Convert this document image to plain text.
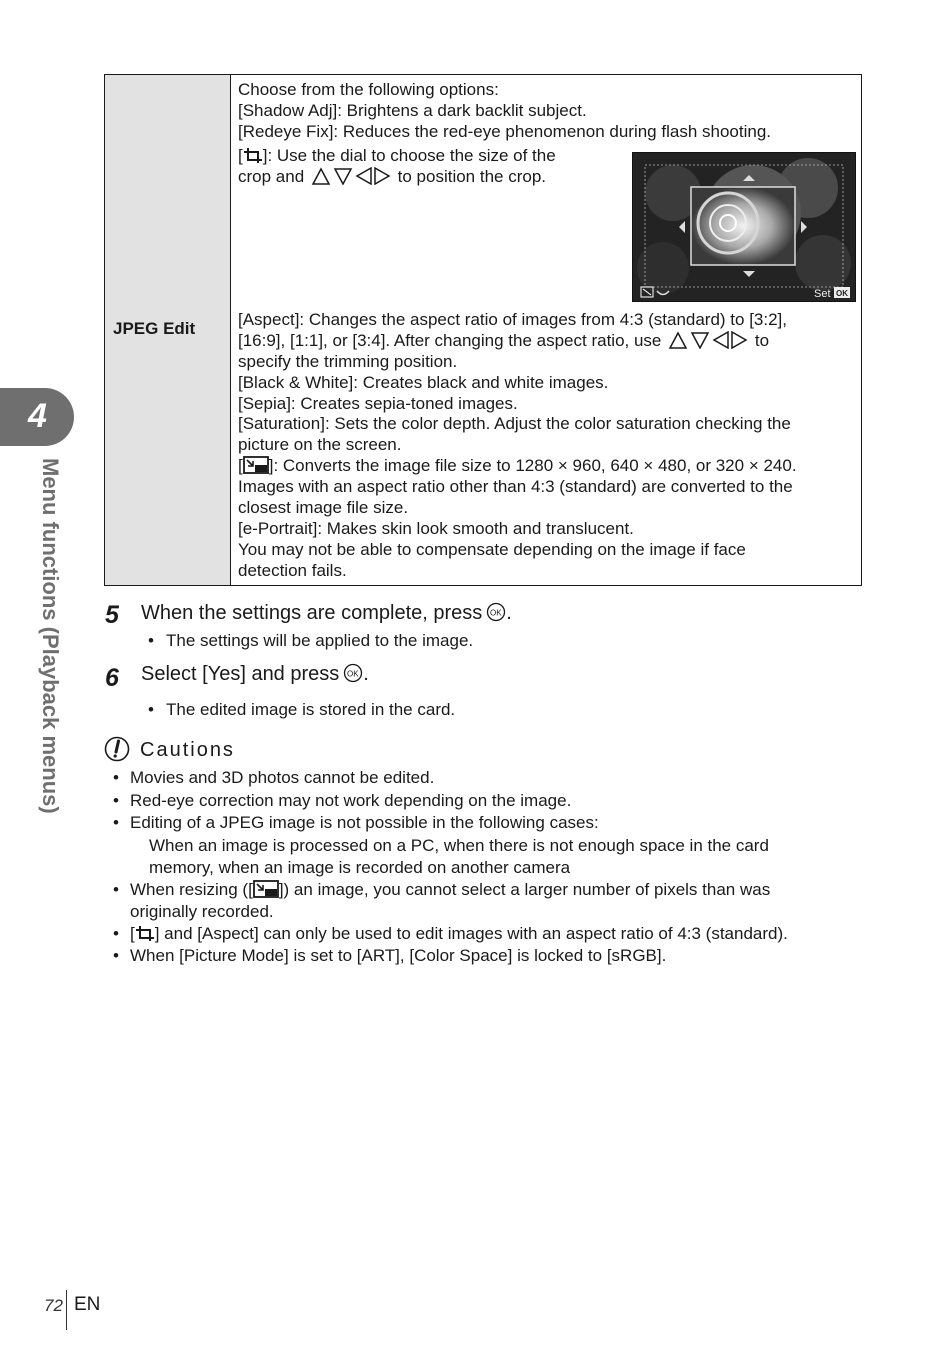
4
Menu functions (Playback menus)
JPEG Edit
Choose from the following options:
[Shadow Adj]: Brightens a dark backlit subject.
[Redeye Fix]: Reduces the red-eye phenomenon during flash shooting.
[ ]: Use the dial to choose the size of the
crop and	to position the crop.
Set OK
[Aspect]: Changes the aspect ratio of images from 4:3 (standard) to [3:2],
[16:9], [1:1], or [3:4]. After changing the aspect ratio, use	to
specify the trimming position.
[Black & White]: Creates black and white images.
[Sepia]: Creates sepia-toned images.
[Saturation]: Sets the color depth. Adjust the color saturation checking the
picture on the screen.
[ ]: Converts the image file size to 1280 × 960, 640 × 480, or 320 × 240.
Images with an aspect ratio other than 4:3 (standard) are converted to the
closest image file size.
[e-Portrait]: Makes skin look smooth and translucent.
You may not be able to compensate depending on the image if face
detection fails.
5 When the settings are complete, press OK .
• The settings will be applied to the image.
6 Select [Yes] and press OK .
• The edited image is stored in the card.
Cautions
• Movies and 3D photos cannot be edited.
• Red-eye correction may not work depending on the image.
• Editing of a JPEG image is not possible in the following cases:
When an image is processed on a PC, when there is not enough space in the card
memory, when an image is recorded on another camera
• When resizing ([ ]) an image, you cannot select a larger number of pixels than was
originally recorded.
• [ ] and [Aspect] can only be used to edit images with an aspect ratio of 4:3 (standard).
• When [Picture Mode] is set to [ART], [Color Space] is locked to [sRGB].
72 EN
